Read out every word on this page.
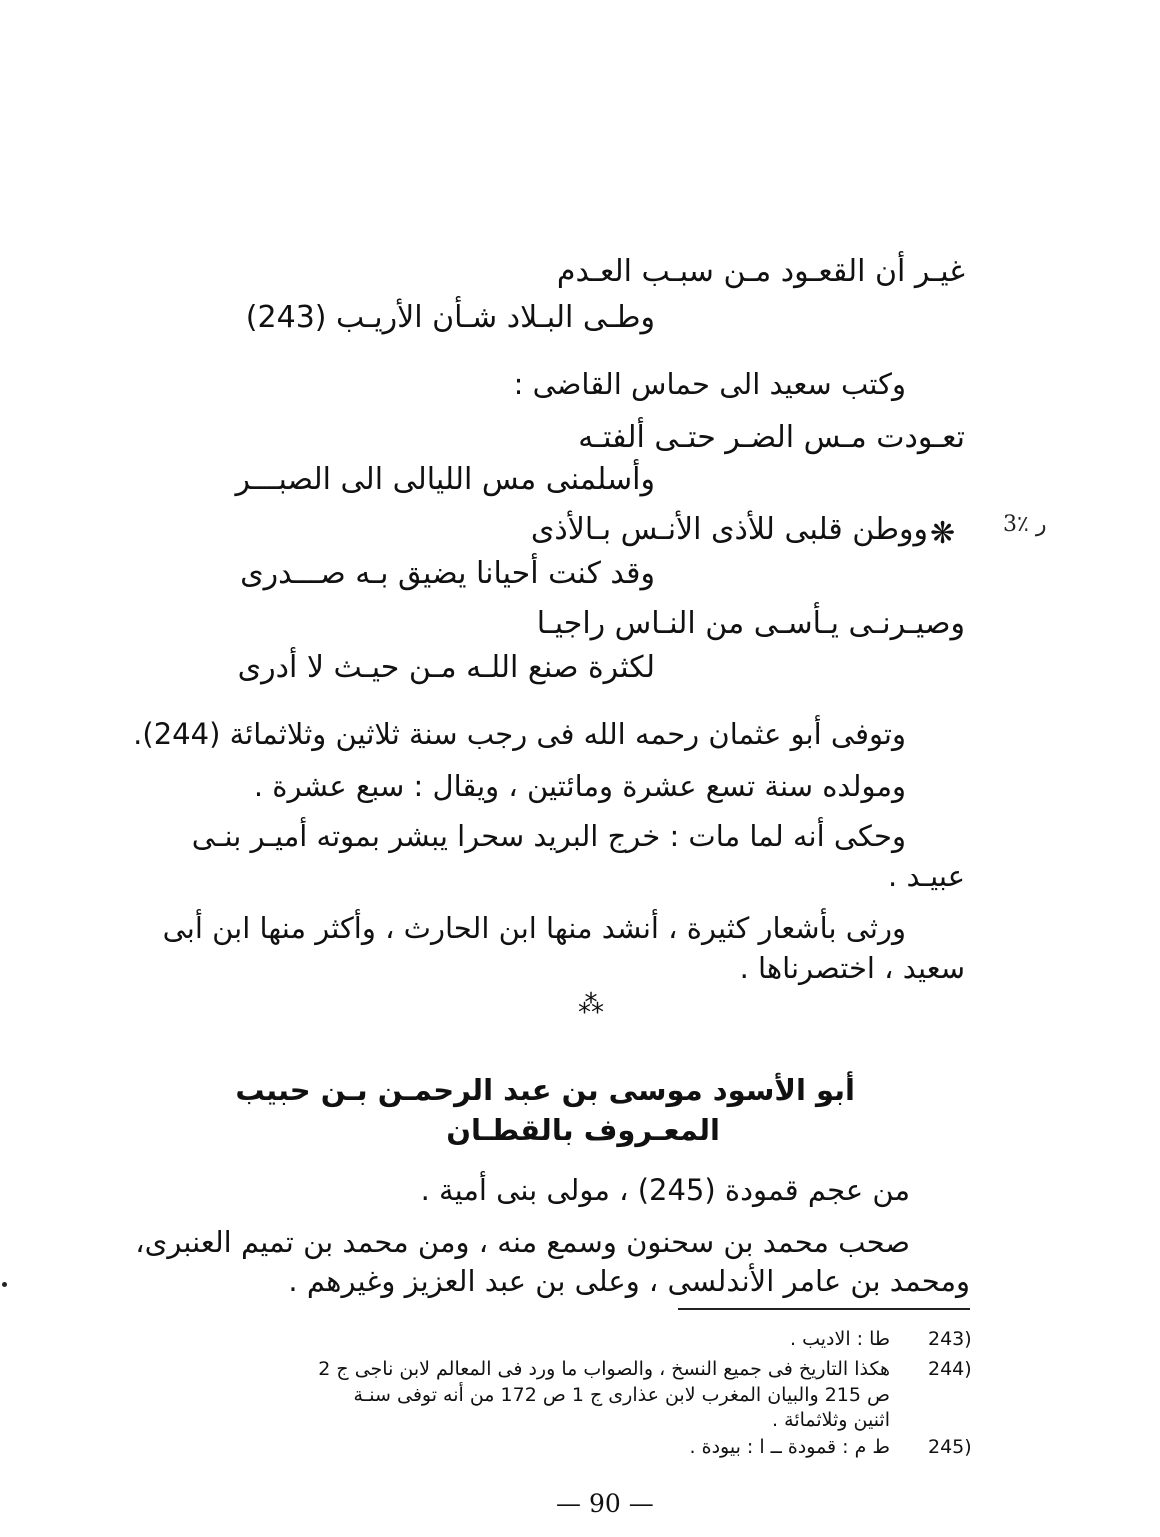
غيـر أن القعـود مـن سبـب العـدم
وطـى البـلاد شـأن الأريـب (243)
وكتب سعيد الى حماس القاضى :
تعـودت مـس الضـر حتـى ألفتـه
وأسلمنى مس الليالى الى الصبـــر
❋
ووطن قلبى للأذى الأنـس بـالأذى	3٪ ر
وقد كنت أحيانا يضيق بـه صـــدرى
وصيـرنـى يـأسـى من النـاس راجيـا
لكثرة صنع اللـه مـن حيـث لا أدرى
وتوفى أبو عثمان رحمه الله فى رجب سنة ثلاثين وثلاثمائة (244).
ومولده سنة تسع عشرة ومائتين ، ويقال : سبع عشرة .
وحكى أنه لما مات : خرج البريد سحرا يبشر بموته أميـر بنـى
عبيـد .
ورثى بأشعار كثيرة ، أنشد منها ابن الحارث ، وأكثر منها ابن أبى
سعيد ، اختصرناها .
⁂
أبو الأسود موسى بن عبد الرحمـن بـن حبيب
المعـروف بالقطـان
من عجم قمودة (245) ، مولى بنى أمية .
صحب محمد بن سحنون وسمع منه ، ومن محمد بن تميم العنبرى،
ومحمد بن عامر الأندلسى ، وعلى بن عبد العزيز وغيرهم .
243)
طا : الاديب .
244)
هكذا التاريخ فى جميع النسخ ، والصواب ما ورد فى المعالم لابن ناجى ج 2
ص 215 والبيان المغرب لابن عذارى ج 1 ص 172 من أنه توفى سنـة
اثنين وثلاثمائة .
245)
ط م : قمودة ــ ا : بيودة .
— 90 —
